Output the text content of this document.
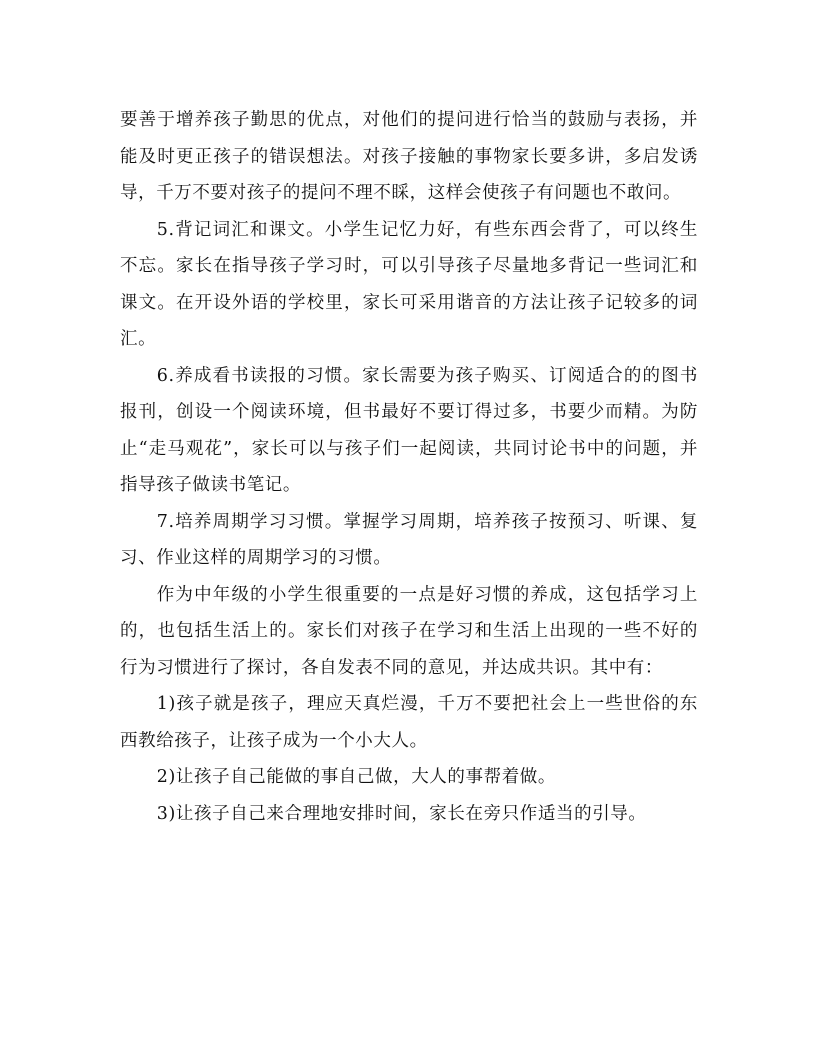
要善于增养孩子勤思的优点，对他们的提问进行恰当的鼓励与表扬，并能及时更正孩子的错误想法。对孩子接触的事物家长要多讲，多启发诱导，千万不要对孩子的提问不理不睬，这样会使孩子有问题也不敢问。

5.背记词汇和课文。小学生记忆力好，有些东西会背了，可以终生不忘。家长在指导孩子学习时，可以引导孩子尽量地多背记一些词汇和课文。在开设外语的学校里，家长可采用谐音的方法让孩子记较多的词汇。

6.养成看书读报的习惯。家长需要为孩子购买、订阅适合的的图书报刊，创设一个阅读环境，但书最好不要订得过多，书要少而精。为防止“走马观花”，家长可以与孩子们一起阅读，共同讨论书中的问题，并指导孩子做读书笔记。

7.培养周期学习习惯。掌握学习周期，培养孩子按预习、听课、复习、作业这样的周期学习的习惯。

作为中年级的小学生很重要的一点是好习惯的养成，这包括学习上的，也包括生活上的。家长们对孩子在学习和生活上出现的一些不好的行为习惯进行了探讨，各自发表不同的意见，并达成共识。其中有：

1)孩子就是孩子，理应天真烂漫，千万不要把社会上一些世俗的东西教给孩子，让孩子成为一个小大人。

2)让孩子自己能做的事自己做，大人的事帮着做。

3)让孩子自己来合理地安排时间，家长在旁只作适当的引导。
